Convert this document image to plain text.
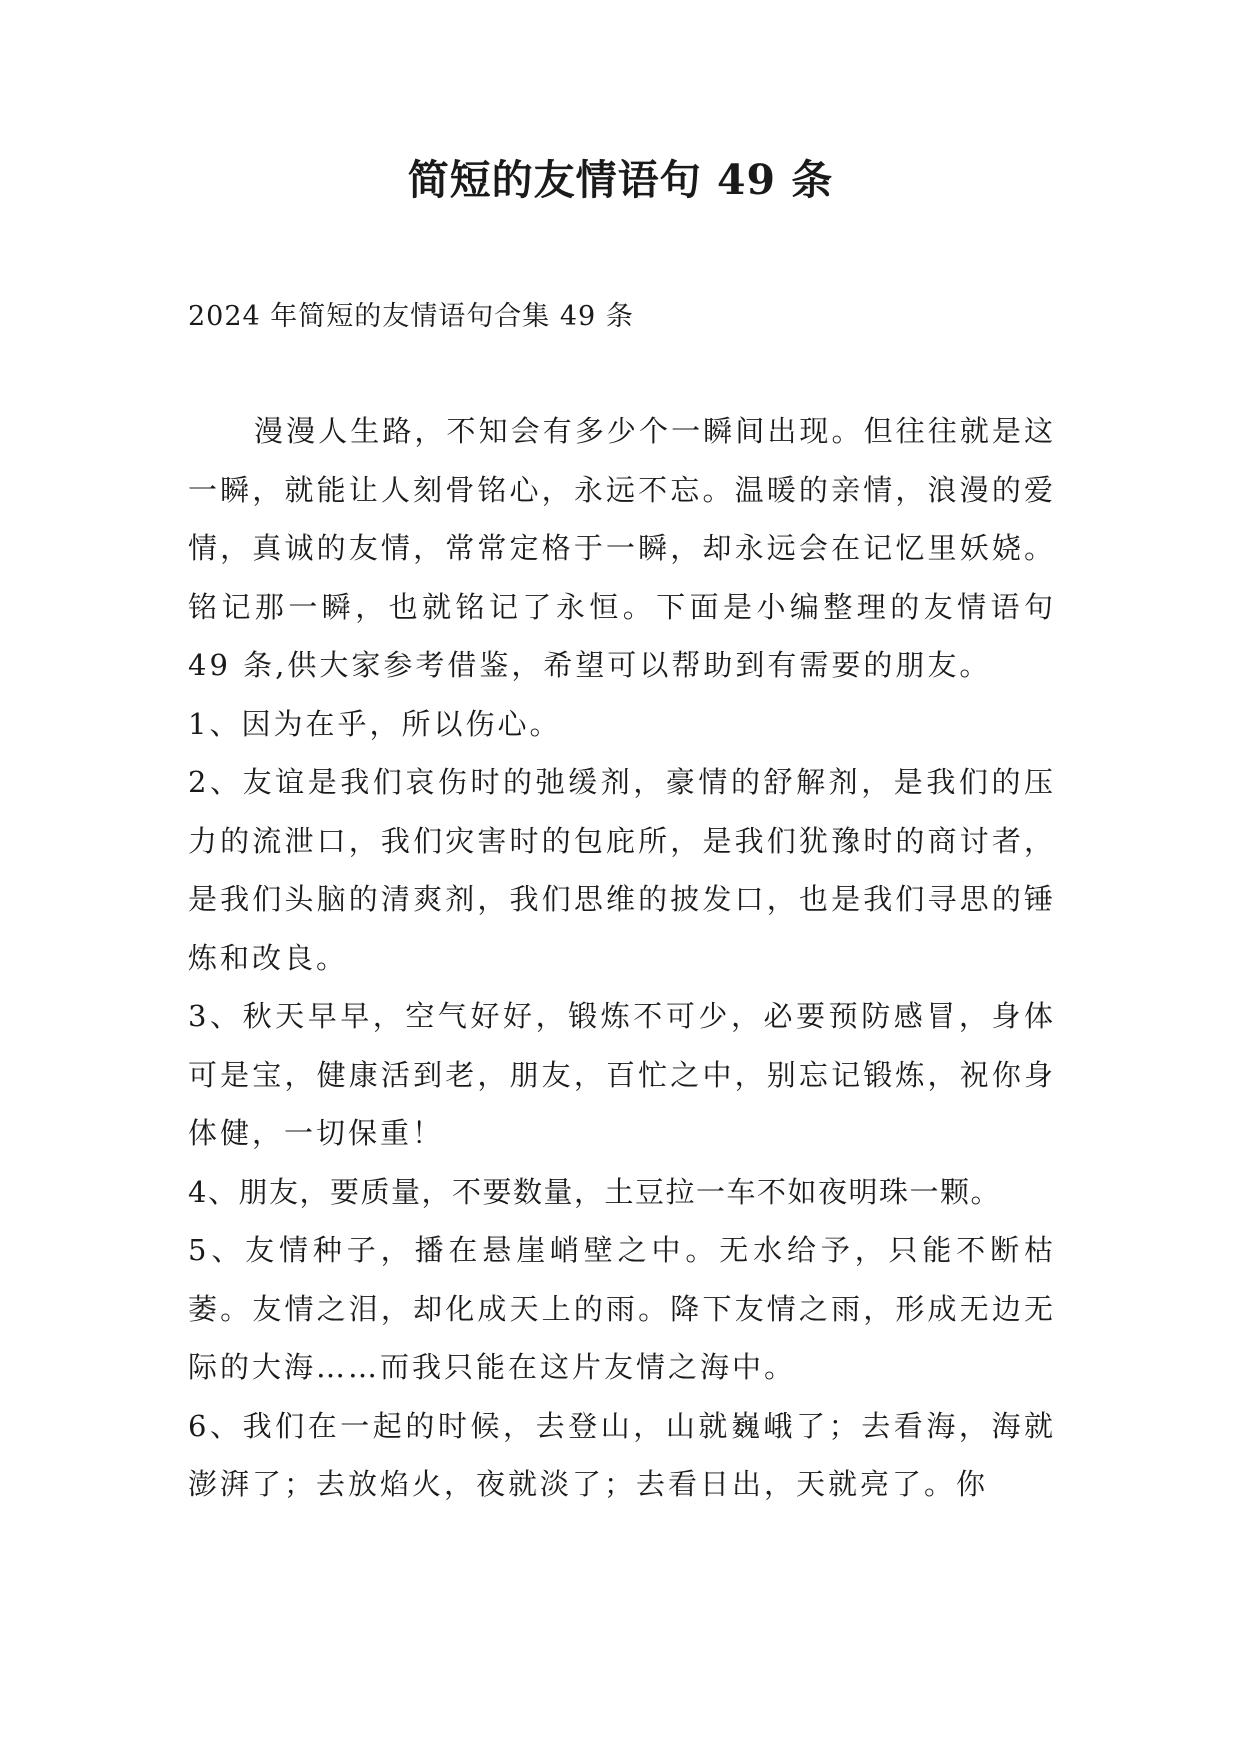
简短的友情语句 49 条
2024 年简短的友情语句合集 49 条

漫漫人生路，不知会有多少个一瞬间出现。但往往就是这一瞬，就能让人刻骨铭心，永远不忘。温暖的亲情，浪漫的爱情，真诚的友情，常常定格于一瞬，却永远会在记忆里妖娆。铭记那一瞬，也就铭记了永恒。下面是小编整理的友情语句 49 条,供大家参考借鉴，希望可以帮助到有需要的朋友。

1、因为在乎，所以伤心。

2、友谊是我们哀伤时的弛缓剂，豪情的舒解剂，是我们的压力的流泄口，我们灾害时的包庇所，是我们犹豫时的商讨者，是我们头脑的清爽剂，我们思维的披发口，也是我们寻思的锤炼和改良。

3、秋天早早，空气好好，锻炼不可少，必要预防感冒，身体可是宝，健康活到老，朋友，百忙之中，别忘记锻炼，祝你身体健，一切保重！

4、朋友，要质量，不要数量，土豆拉一车不如夜明珠一颗。

5、友情种子，播在悬崖峭壁之中。无水给予，只能不断枯萎。友情之泪，却化成天上的雨。降下友情之雨，形成无边无际的大海……而我只能在这片友情之海中。

6、我们在一起的时候，去登山，山就巍峨了；去看海，海就澎湃了；去放焰火，夜就淡了；去看日出，天就亮了。你
